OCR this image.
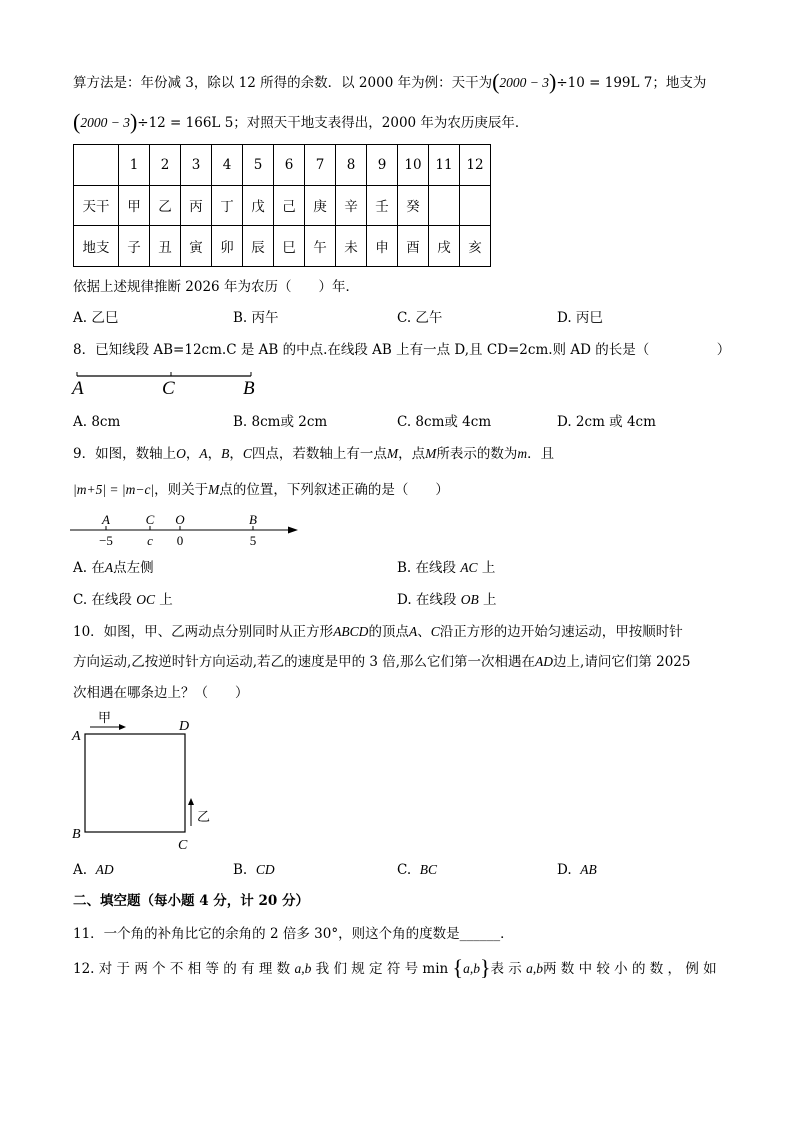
算方法是：年份减 3，除以 12 所得的余数．以 2000 年为例：天干为(2000 − 3)÷10 = 199L 7；地支为
(2000 − 3)÷12 = 166L 5；对照天干地支表得出，2000 年为农历庚辰年．
	1	2	3	4	5	6	7	8	9	10	11	12
天干	甲	乙	丙	丁	戊	己	庚	辛	壬	癸		
地支	子	丑	寅	卯	辰	巳	午	未	申	酉	戌	亥
依据上述规律推断 2026 年为农历（　　）年．
A. 乙巳	B. 丙午	C. 乙午	D. 丙巳
8．已知线段 AB=12cm.C 是 AB 的中点.在线段 AB 上有一点 D,且 CD=2cm.则 AD 的长是（　　　　　）
A	C	B
A. 8cm	B. 8cm或 2cm	C. 8cm或 4cm	D. 2cm 或 4cm
9．如图，数轴上O，A，B，C四点，若数轴上有一点M，点M所表示的数为m．且
|m+5| = |m−c|，则关于M点的位置，下列叙述正确的是（　　）
A
−5
C
c
O
0
B
5
A. 在A点左侧	B. 在线段 AC 上
C. 在线段 OC 上	D. 在线段 OB 上
10．如图，甲、乙两动点分别同时从正方形ABCD的顶点A、C沿正方形的边开始匀速运动，甲按顺时针
方向运动,乙按逆时针方向运动,若乙的速度是甲的 3 倍,那么它们第一次相遇在AD边上,请问它们第 2025
次相遇在哪条边上？（　　）
A
B
C
D
甲
乙
A. AD	B. CD	C. BC	D. AB
二、填空题（每小题 4 分，计 20 分）
11．一个角的补角比它的余角的 2 倍多 30°，则这个角的度数是______．
12. 对 于 两 个 不 相 等 的 有 理 数 a,b 我 们 规 定 符 号 min {a,b}表 示 a,b两 数 中 较 小 的 数 ， 例 如
